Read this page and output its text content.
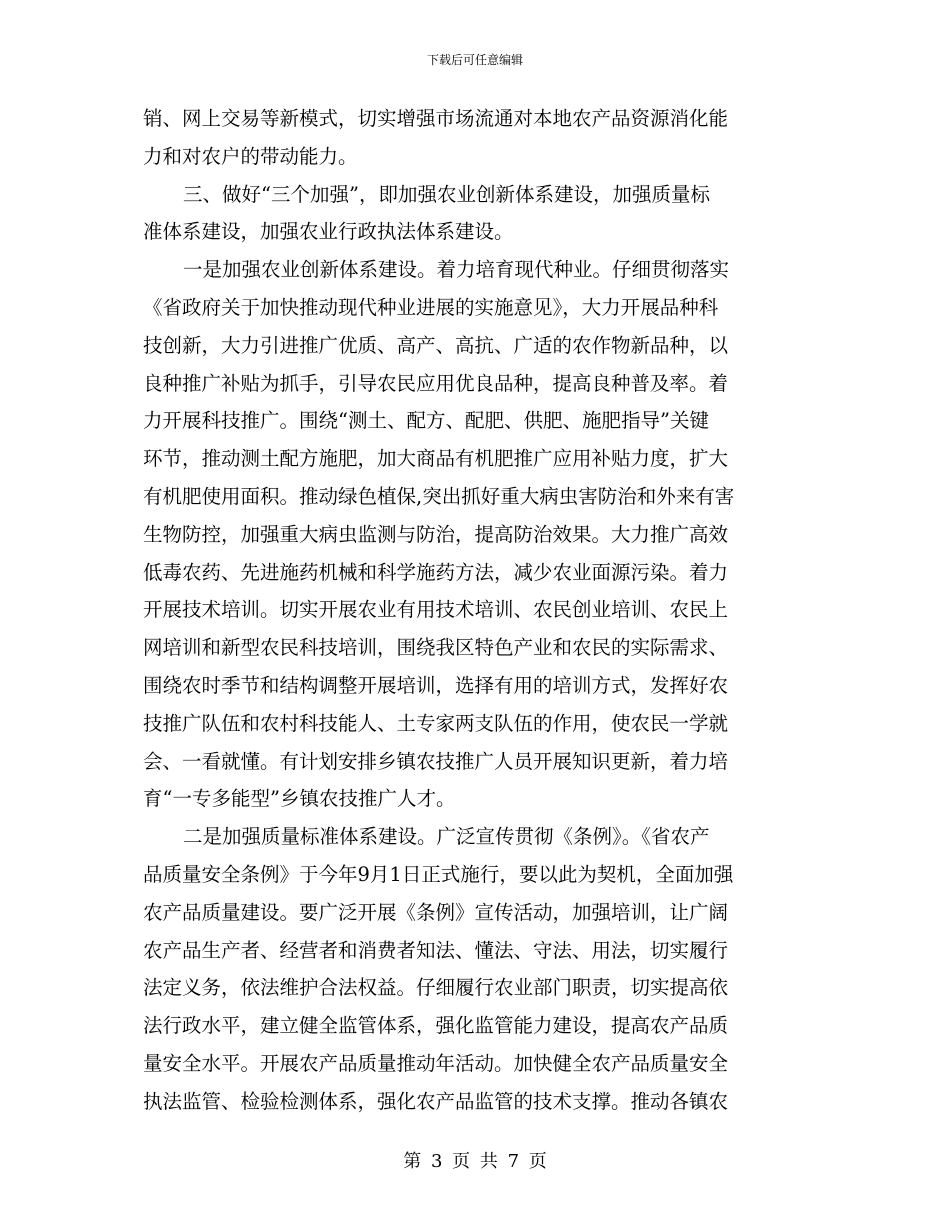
下载后可任意编辑
销、网上交易等新模式，切实增强市场流通对本地农产品资源消化能
力和对农户的带动能力。
三、做好“三个加强”，即加强农业创新体系建设，加强质量标
准体系建设，加强农业行政执法体系建设。
一是加强农业创新体系建设。着力培育现代种业。仔细贯彻落实
《省政府关于加快推动现代种业进展的实施意见》，大力开展品种科
技创新，大力引进推广优质、高产、高抗、广适的农作物新品种，以
良种推广补贴为抓手，引导农民应用优良品种，提高良种普及率。着
力开展科技推广。围绕“测土、配方、配肥、供肥、施肥指导”关键
环节，推动测土配方施肥，加大商品有机肥推广应用补贴力度，扩大
有机肥使用面积。推动绿色植保,突出抓好重大病虫害防治和外来有害
生物防控，加强重大病虫监测与防治，提高防治效果。大力推广高效
低毒农药、先进施药机械和科学施药方法，减少农业面源污染。着力
开展技术培训。切实开展农业有用技术培训、农民创业培训、农民上
网培训和新型农民科技培训，围绕我区特色产业和农民的实际需求、
围绕农时季节和结构调整开展培训，选择有用的培训方式，发挥好农
技推广队伍和农村科技能人、土专家两支队伍的作用，使农民一学就
会、一看就懂。有计划安排乡镇农技推广人员开展知识更新，着力培
育“一专多能型”乡镇农技推广人才。
二是加强质量标准体系建设。广泛宣传贯彻《条例》。《省农产
品质量安全条例》于今年9月1日正式施行，要以此为契机，全面加强
农产品质量建设。要广泛开展《条例》宣传活动，加强培训，让广阔
农产品生产者、经营者和消费者知法、懂法、守法、用法，切实履行
法定义务，依法维护合法权益。仔细履行农业部门职责，切实提高依
法行政水平，建立健全监管体系，强化监管能力建设，提高农产品质
量安全水平。开展农产品质量推动年活动。加快健全农产品质量安全
执法监管、检验检测体系，强化农产品监管的技术支撑。推动各镇农
第 3 页 共 7 页
